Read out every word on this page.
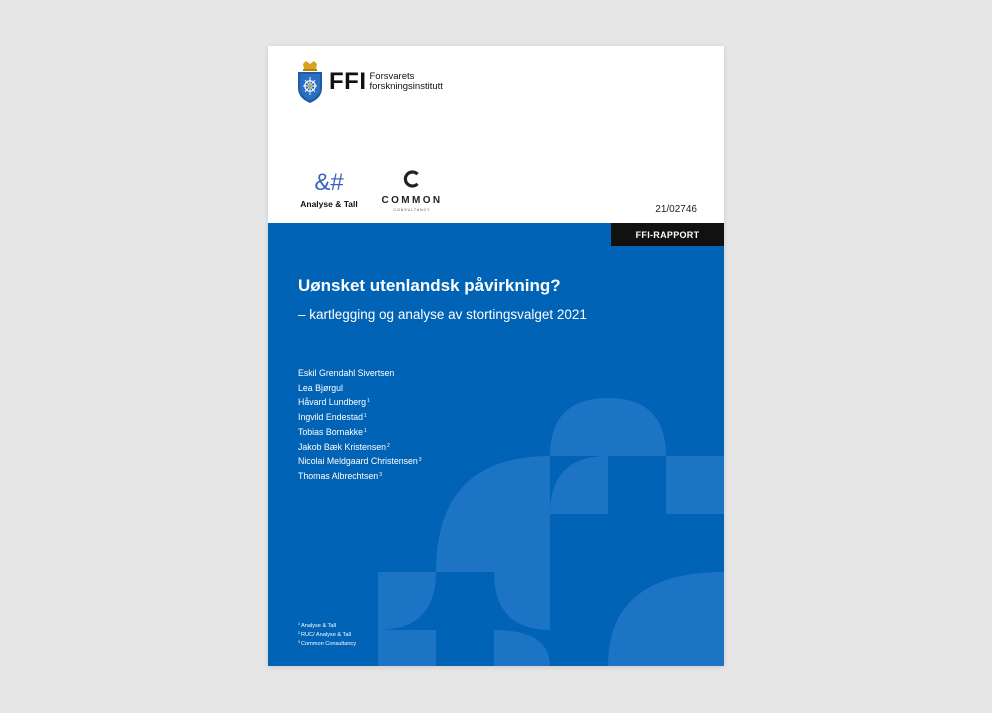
FFI Forsvarets
forskningsinstitutt
&#
Analyse & Tall	COMMON
CONSULTANCY	21/02746
FFI-RAPPORT
Uønsket utenlandsk påvirkning?
– kartlegging og analyse av stortingsvalget 2021
Eskil Grendahl Sivertsen
Lea Bjørgul
Håvard Lundberg$^1$
Ingvild Endestad$^1$
Tobias Bornakke$^1$
Jakob Bæk Kristensen$^2$
Nicolai Meldgaard Christensen$^3$
Thomas Albrechtsen$^3$
$^1$Analyse & Tall
$^2$RUC/ Analyse & Tall
$^3$Common Consultancy
